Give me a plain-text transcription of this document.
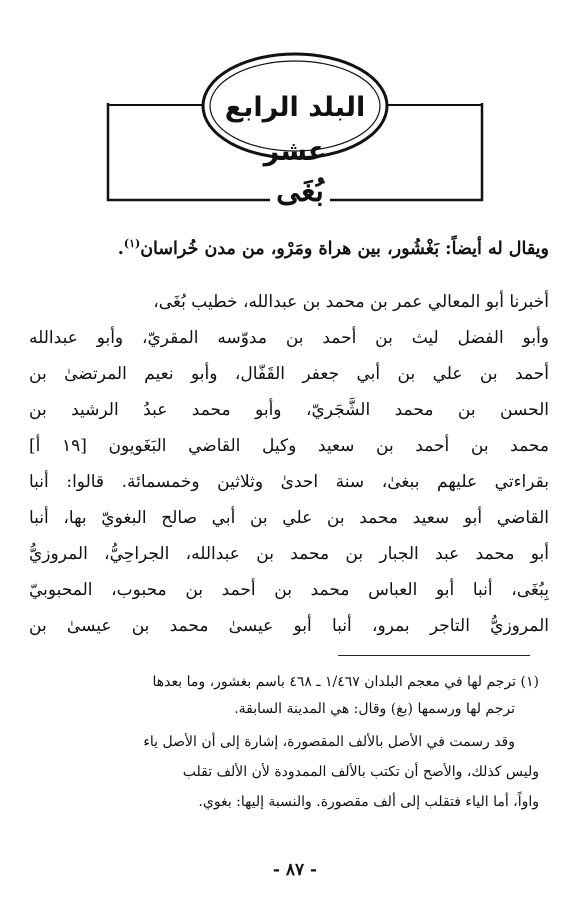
البلد الرابع عشر
بُغَى
ويقال له أيضاً: بَغْشُور، بين هراة ومَرْو، من مدن خُراسان$^{(١)}$.
أخبرنا أبو المعالي عمر بن محمد بن عبدالله، خطيب بُغَى،
وأبو الفضل ليث بن أحمد بن مدوّسه المقريّ، وأبو عبدالله
أحمد بن علي بن أبي جعفر القَفّال، وأبو نعيم المرتضىٰ بن
الحسن بن محمد الشَّجَريّ، وأبو محمد عبدُ الرشيد بن
محمد بن أحمد بن سعيد وكيل القاضي البَغَويون [١٩ أ]
بقراءتي عليهم ببغىٰ، سنة احدىٰ وثلاثين وخمسمائة. قالوا: أنبا
القاضي أبو سعيد محمد بن علي بن أبي صالح البغويّ بها، أنبا
أبو محمد عبد الجبار بن محمد بن عبدالله، الجراحِيُّ، المروزيُّ
بِبُغَى، أنبا أبو العباس محمد بن أحمد بن محبوب، المحبوبيّ
المروزيُّ التاجر بمرو، أنبا أبو عيسىٰ محمد بن عيسىٰ بن
(١) ترجم لها في معجم البلدان ١/٤٦٧ ـ ٤٦٨ باسم بغشور، وما بعدها
ترجم لها ورسمها (بغ) وقال: هي المدينة السابقة.
وقد رسمت في الأصل بالألف المقصورة، إشارة إلى أن الأصل ياء
وليس كذلك، والأصح أن تكتب بالألف الممدودة لأن الألف تقلب
واواً، أما الياء فتقلب إلى ألف مقصورة. والنسبة إليها: بغوي.
- ٨٧ -
